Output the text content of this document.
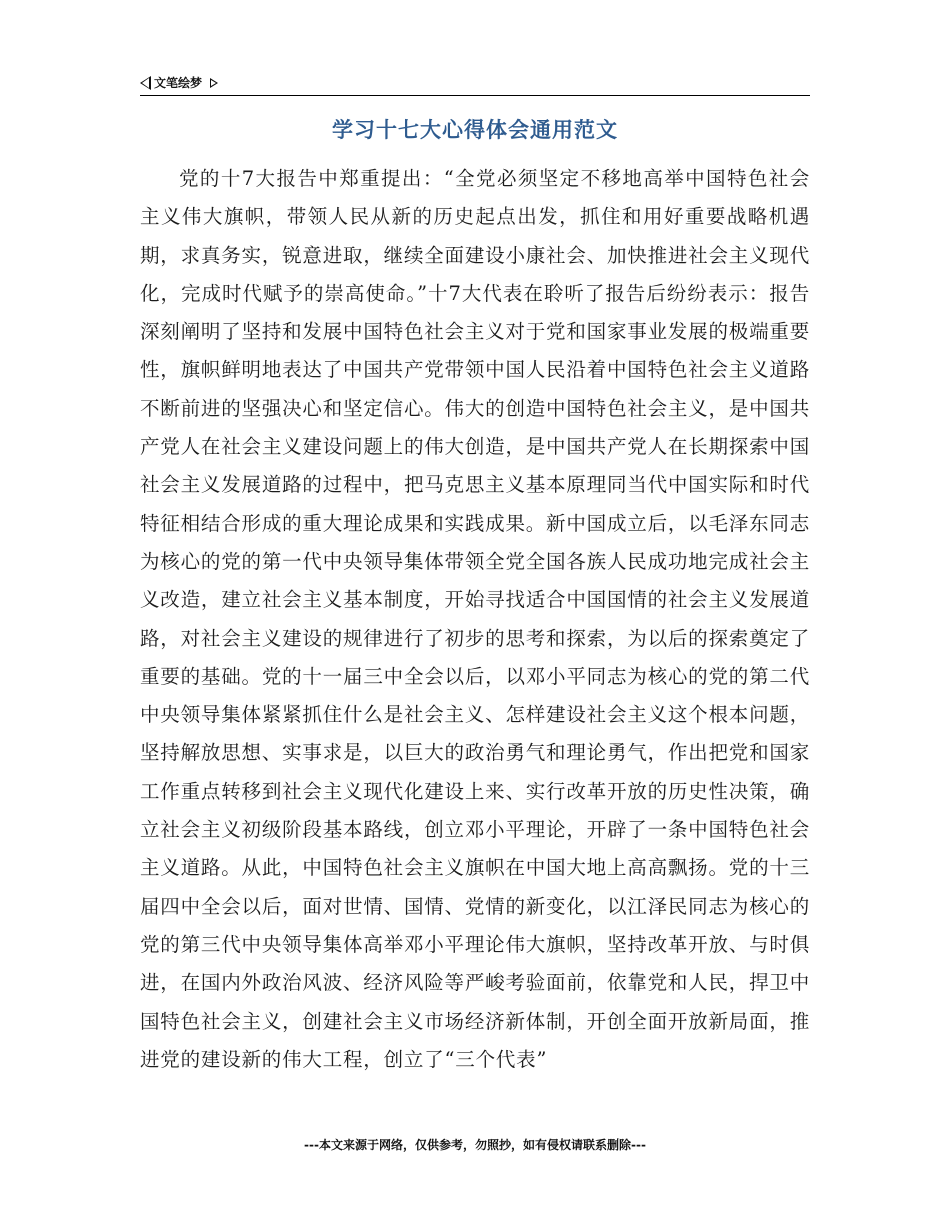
文笔绘梦
学习十七大心得体会通用范文

党的十7大报告中郑重提出：“全党必须坚定不移地高举中国特色社会主义伟大旗帜，带领人民从新的历史起点出发，抓住和用好重要战略机遇期，求真务实，锐意进取，继续全面建设小康社会、加快推进社会主义现代化，完成时代赋予的崇高使命。”十7大代表在聆听了报告后纷纷表示：报告深刻阐明了坚持和发展中国特色社会主义对于党和国家事业发展的极端重要性，旗帜鲜明地表达了中国共产党带领中国人民沿着中国特色社会主义道路不断前进的坚强决心和坚定信心。伟大的创造中国特色社会主义，是中国共产党人在社会主义建设问题上的伟大创造，是中国共产党人在长期探索中国社会主义发展道路的过程中，把马克思主义基本原理同当代中国实际和时代特征相结合形成的重大理论成果和实践成果。新中国成立后，以毛泽东同志为核心的党的第一代中央领导集体带领全党全国各族人民成功地完成社会主义改造，建立社会主义基本制度，开始寻找适合中国国情的社会主义发展道路，对社会主义建设的规律进行了初步的思考和探索，为以后的探索奠定了重要的基础。党的十一届三中全会以后，以邓小平同志为核心的党的第二代中央领导集体紧紧抓住什么是社会主义、怎样建设社会主义这个根本问题，坚持解放思想、实事求是，以巨大的政治勇气和理论勇气，作出把党和国家工作重点转移到社会主义现代化建设上来、实行改革开放的历史性决策，确立社会主义初级阶段基本路线，创立邓小平理论，开辟了一条中国特色社会主义道路。从此，中国特色社会主义旗帜在中国大地上高高飘扬。党的十三届四中全会以后，面对世情、国情、党情的新变化，以江泽民同志为核心的党的第三代中央领导集体高举邓小平理论伟大旗帜，坚持改革开放、与时俱进，在国内外政治风波、经济风险等严峻考验面前，依靠党和人民，捍卫中国特色社会主义，创建社会主义市场经济新体制，开创全面开放新局面，推进党的建设新的伟大工程，创立了“三个代表”

---本文来源于网络，仅供参考，勿照抄，如有侵权请联系删除---
